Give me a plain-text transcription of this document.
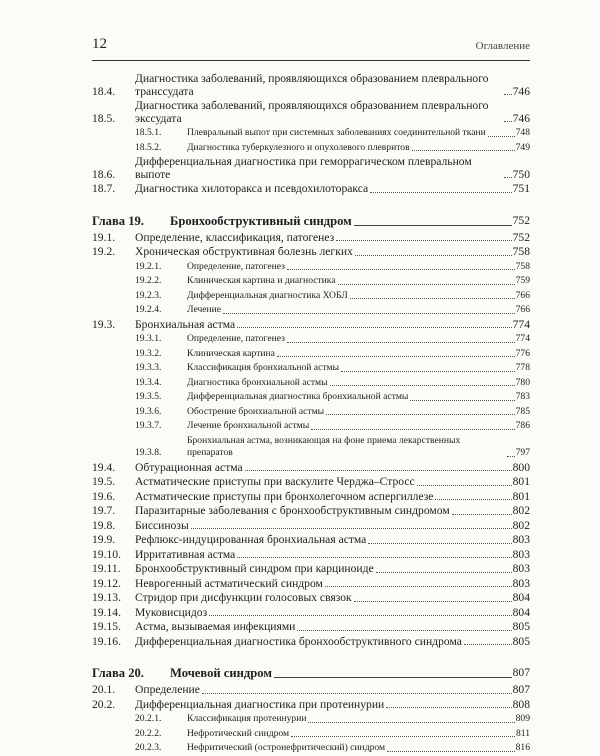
12	Оглавление
18.4.
Диагностика заболеваний, проявляющихся образованием плеврального транссудата	746
18.5.
Диагностика заболеваний, проявляющихся образованием плеврального экссудата	746
18.5.1.	Плевральный выпот при системных заболеваниях соединительной ткани	748
18.5.2.	Диагностика туберкулезного и опухолевого плевритов	749
18.6.
Дифференциальная диагностика при геморрагическом плевральном выпоте	750
18.7.	Диагностика хилоторакса и псевдохилоторакса	751
Глава 19.	Бронхообструктивный синдром	752
19.1.	Определение, классификация, патогенез	752
19.2.	Хроническая обструктивная болезнь легких	758
19.2.1.	Определение, патогенез	758
19.2.2.	Клиническая картина и диагностика	759
19.2.3.	Дифференциальная диагностика ХОБЛ	766
19.2.4.	Лечение	766
19.3.	Бронхиальная астма	774
19.3.1.	Определение, патогенез	774
19.3.2.	Клиническая картина	776
19.3.3.	Классификация бронхиальной астмы	778
19.3.4.	Диагностика бронхиальной астмы	780
19.3.5.	Дифференциальная диагностика бронхиальной астмы	783
19.3.6.	Обострение бронхиальной астмы	785
19.3.7.	Лечение бронхиальной астмы	786
19.3.8.
Бронхиальная астма, возникающая на фоне приема лекарственных препаратов	797
19.4.	Обтурационная астма	800
19.5.	Астматические приступы при васкулите Черджа–Стросс	801
19.6.	Астматические приступы при бронхолегочном аспергиллезе	801
19.7.	Паразитарные заболевания с бронхообструктивным синдромом	802
19.8.	Биссинозы	802
19.9.	Рефлюкс-индуцированная бронхиальная астма	803
19.10.	Ирритативная астма	803
19.11.	Бронхообструктивный синдром при карциноиде	803
19.12.	Неврогенный астматический синдром	803
19.13.	Стридор при дисфункции голосовых связок	804
19.14.	Муковисцидоз	804
19.15.	Астма, вызываемая инфекциями	805
19.16.	Дифференциальная диагностика бронхообструктивного синдрома	805
Глава 20.	Мочевой синдром	807
20.1.	Определение	807
20.2.	Дифференциальная диагностика при протеинурии	808
20.2.1.	Классификация протеинурии	809
20.2.2.	Нефротический синдром	811
20.2.3.	Нефритический (остронефритический) синдром	816
